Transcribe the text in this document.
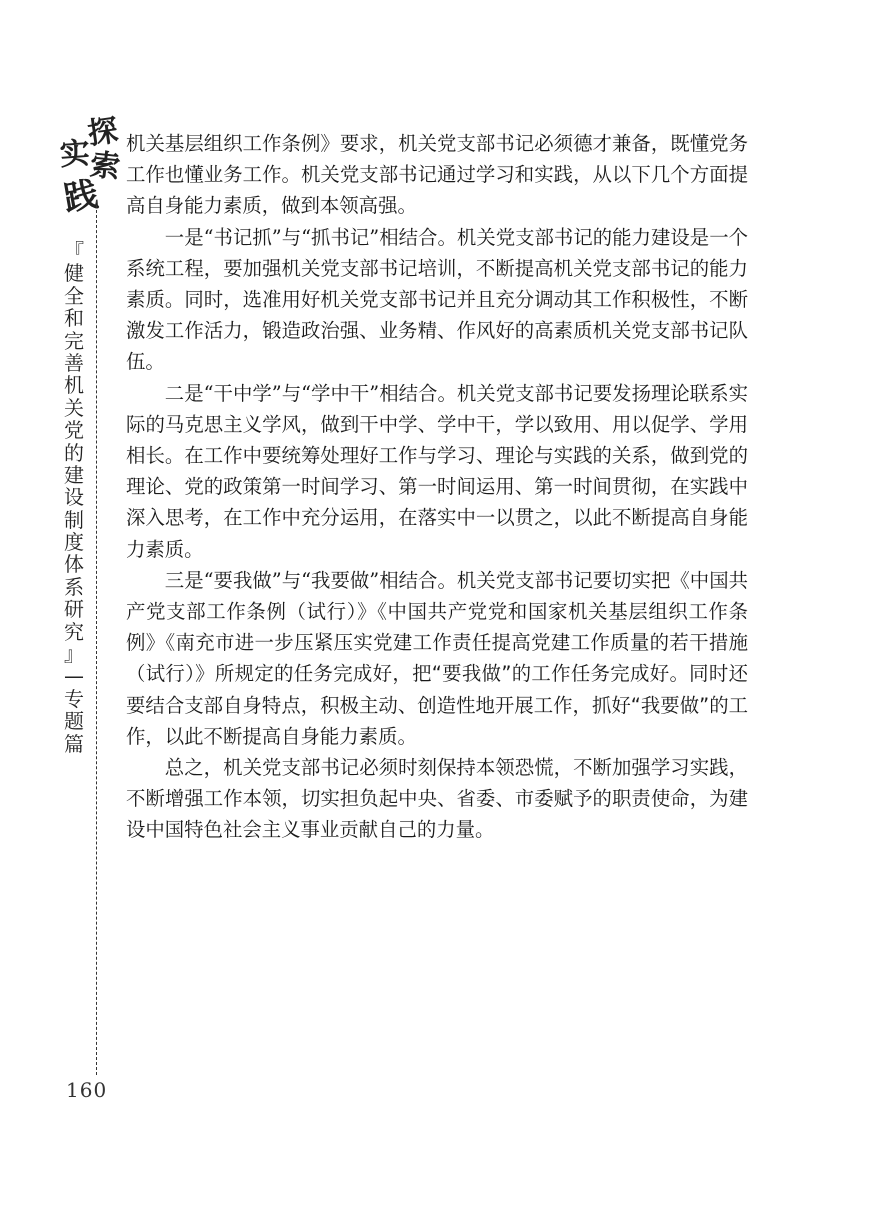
探
索
实
践
『
健
全
和
完
善
机
关
党
的
建
设
制
度
体
系
研
究
』
—
专
题
篇
160

机关基层组织工作条例》要求，机关党支部书记必须德才兼备，既懂党务工作也懂业务工作。机关党支部书记通过学习和实践，从以下几个方面提高自身能力素质，做到本领高强。

一是“书记抓”与“抓书记”相结合。机关党支部书记的能力建设是一个系统工程，要加强机关党支部书记培训，不断提高机关党支部书记的能力素质。同时，选准用好机关党支部书记并且充分调动其工作积极性，不断激发工作活力，锻造政治强、业务精、作风好的高素质机关党支部书记队伍。

二是“干中学”与“学中干”相结合。机关党支部书记要发扬理论联系实际的马克思主义学风，做到干中学、学中干，学以致用、用以促学、学用相长。在工作中要统筹处理好工作与学习、理论与实践的关系，做到党的理论、党的政策第一时间学习、第一时间运用、第一时间贯彻，在实践中深入思考，在工作中充分运用，在落实中一以贯之，以此不断提高自身能力素质。

三是“要我做”与“我要做”相结合。机关党支部书记要切实把《中国共产党支部工作条例（试行）》《中国共产党党和国家机关基层组织工作条例》《南充市进一步压紧压实党建工作责任提高党建工作质量的若干措施（试行）》所规定的任务完成好，把“要我做”的工作任务完成好。同时还要结合支部自身特点，积极主动、创造性地开展工作，抓好“我要做”的工作，以此不断提高自身能力素质。

总之，机关党支部书记必须时刻保持本领恐慌，不断加强学习实践，不断增强工作本领，切实担负起中央、省委、市委赋予的职责使命，为建设中国特色社会主义事业贡献自己的力量。
